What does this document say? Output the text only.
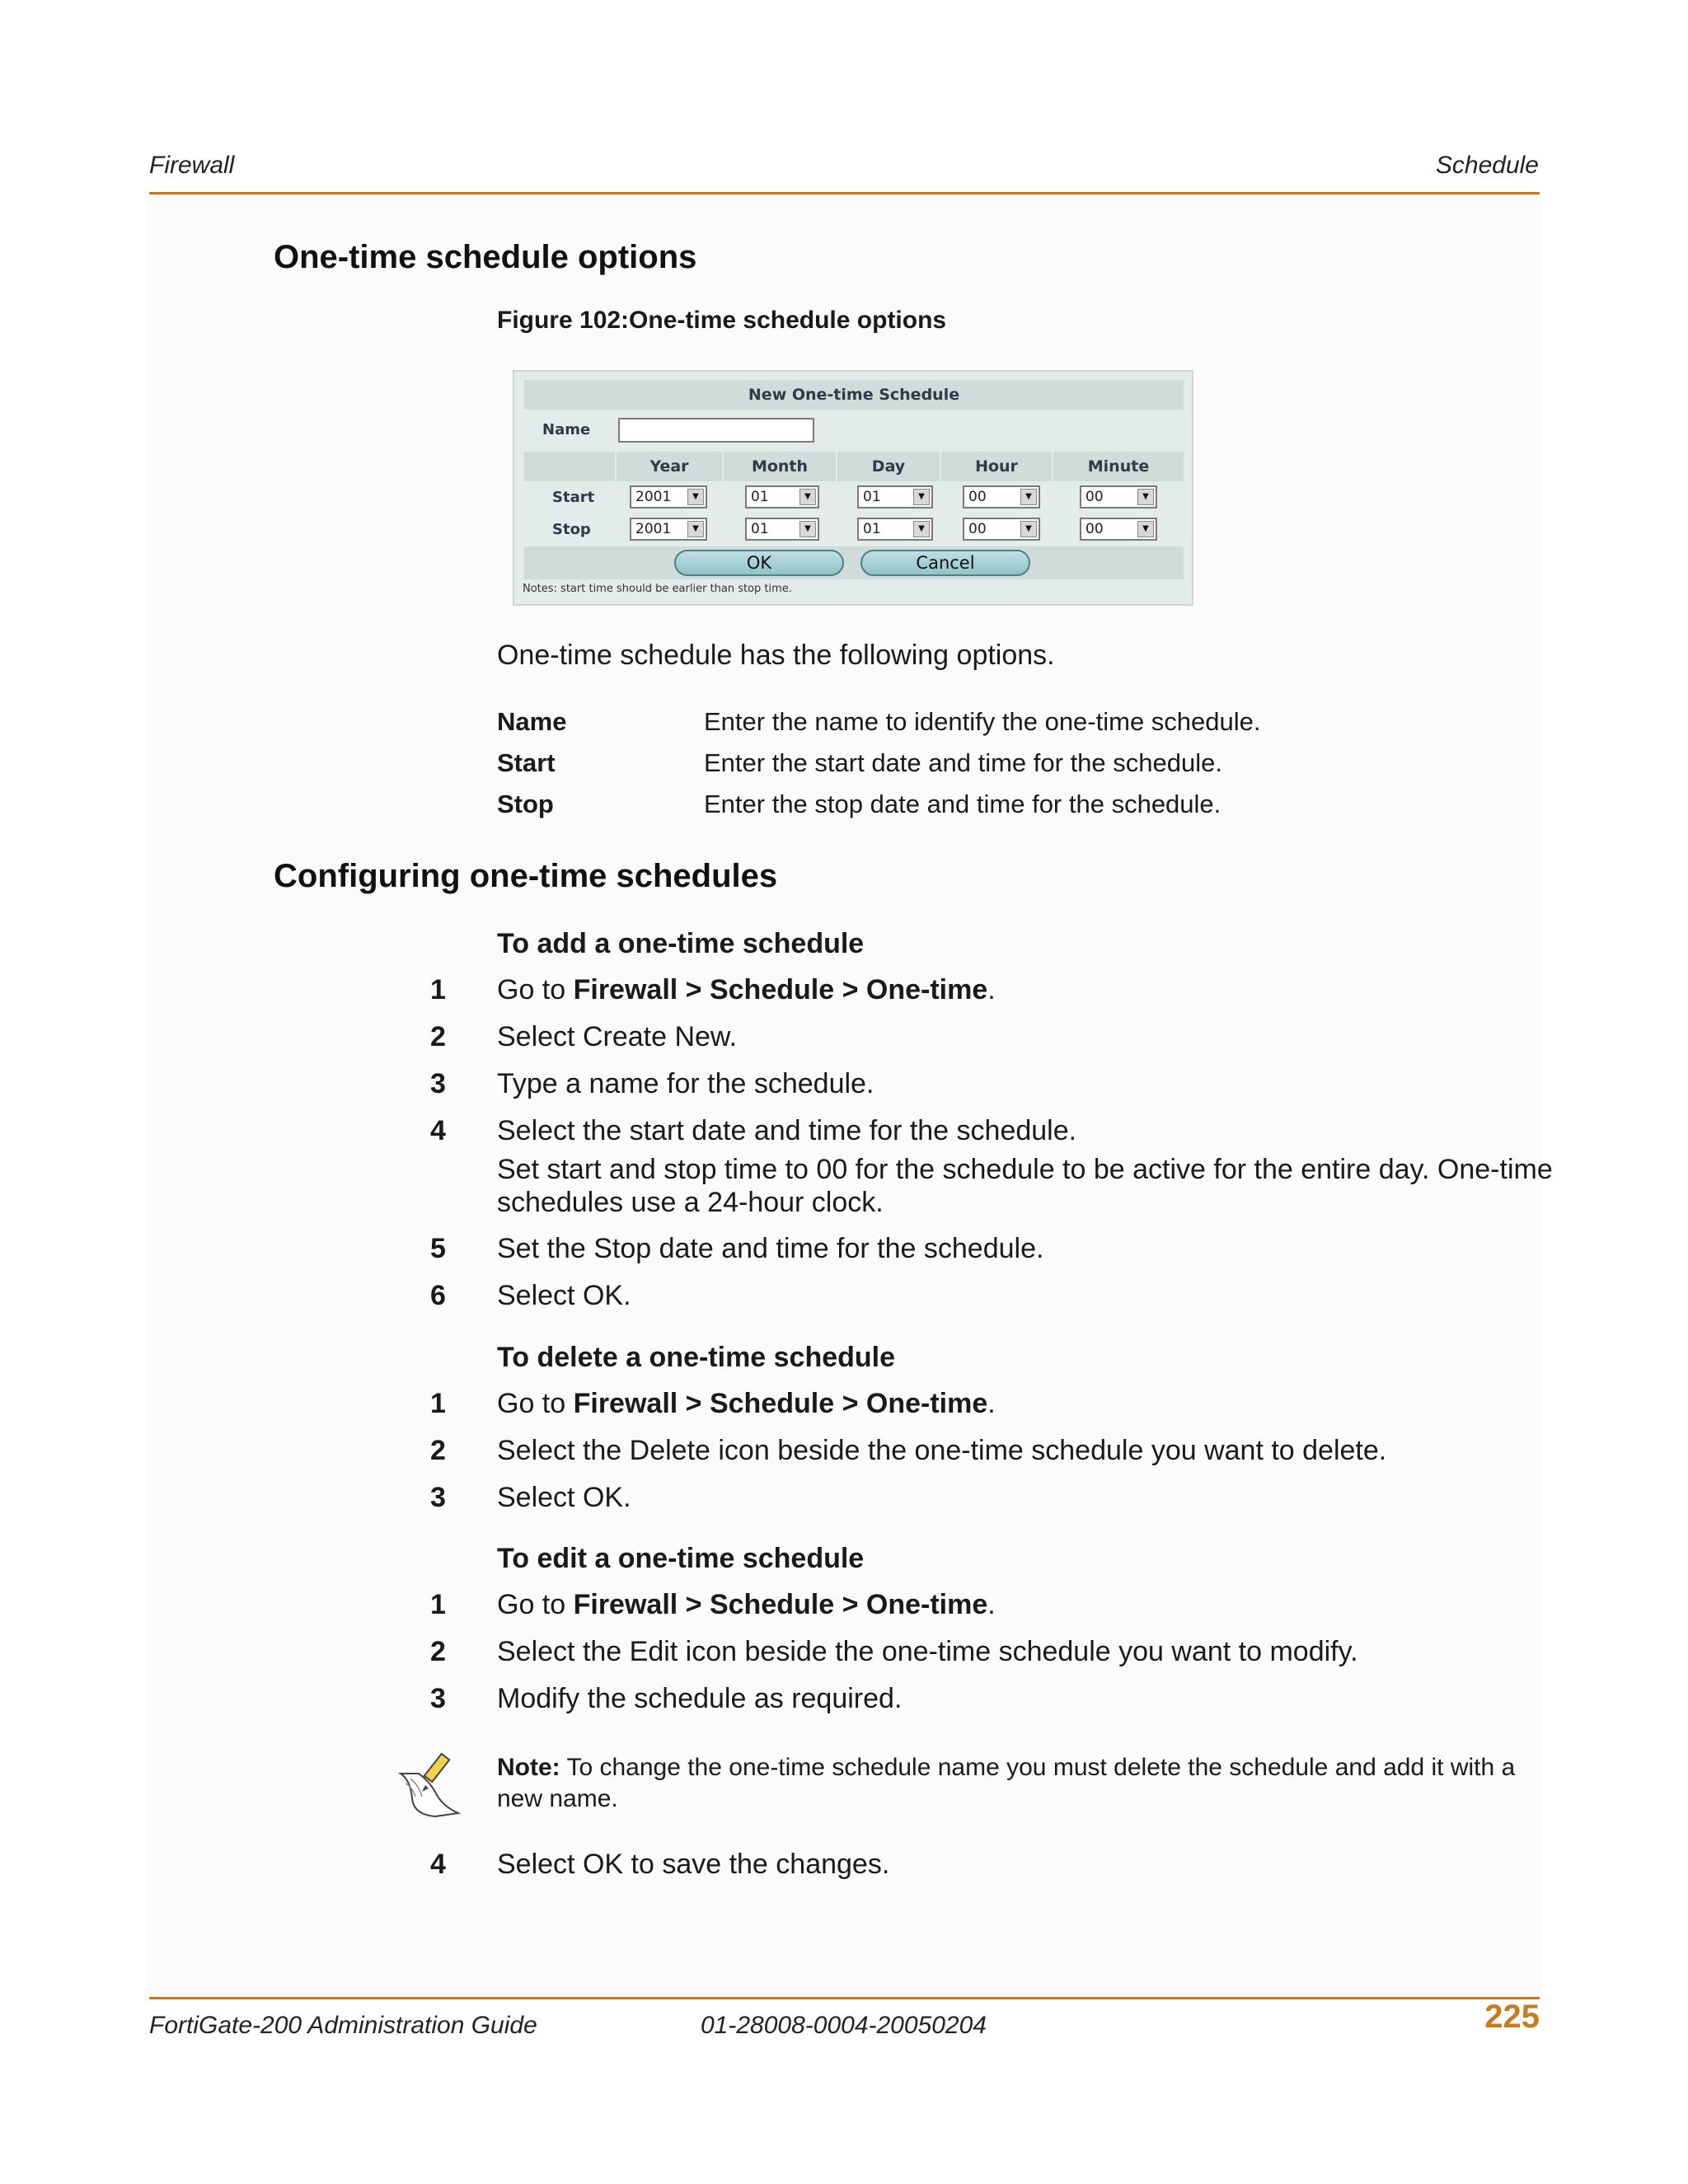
Firewall	Schedule
One-time schedule options
Figure 102:One-time schedule options
New One-time Schedule
Name
Year	Month	Day	Hour	Minute
Start	2001	▼	01	▼	01	▼	00	▼	00	▼
Stop	2001	▼	01	▼	01	▼	00	▼	00	▼
OK	Cancel
Notes: start time should be earlier than stop time.
One-time schedule has the following options.
Name	Enter the name to identify the one-time schedule.
Start	Enter the start date and time for the schedule.
Stop	Enter the stop date and time for the schedule.
Configuring one-time schedules
To add a one-time schedule
1 Go to Firewall > Schedule > One-time.
2 Select Create New.
3 Type a name for the schedule.
4 Select the start date and time for the schedule.
Set start and stop time to 00 for the schedule to be active for the entire day. One-time
schedules use a 24-hour clock.
5 Set the Stop date and time for the schedule.
6 Select OK.
To delete a one-time schedule
1 Go to Firewall > Schedule > One-time.
2 Select the Delete icon beside the one-time schedule you want to delete.
3 Select OK.
To edit a one-time schedule
1 Go to Firewall > Schedule > One-time.
2 Select the Edit icon beside the one-time schedule you want to modify.
3 Modify the schedule as required.
Note: To change the one-time schedule name you must delete the schedule and add it with a new name.
4 Select OK to save the changes.
FortiGate-200 Administration Guide	01-28008-0004-20050204	225
